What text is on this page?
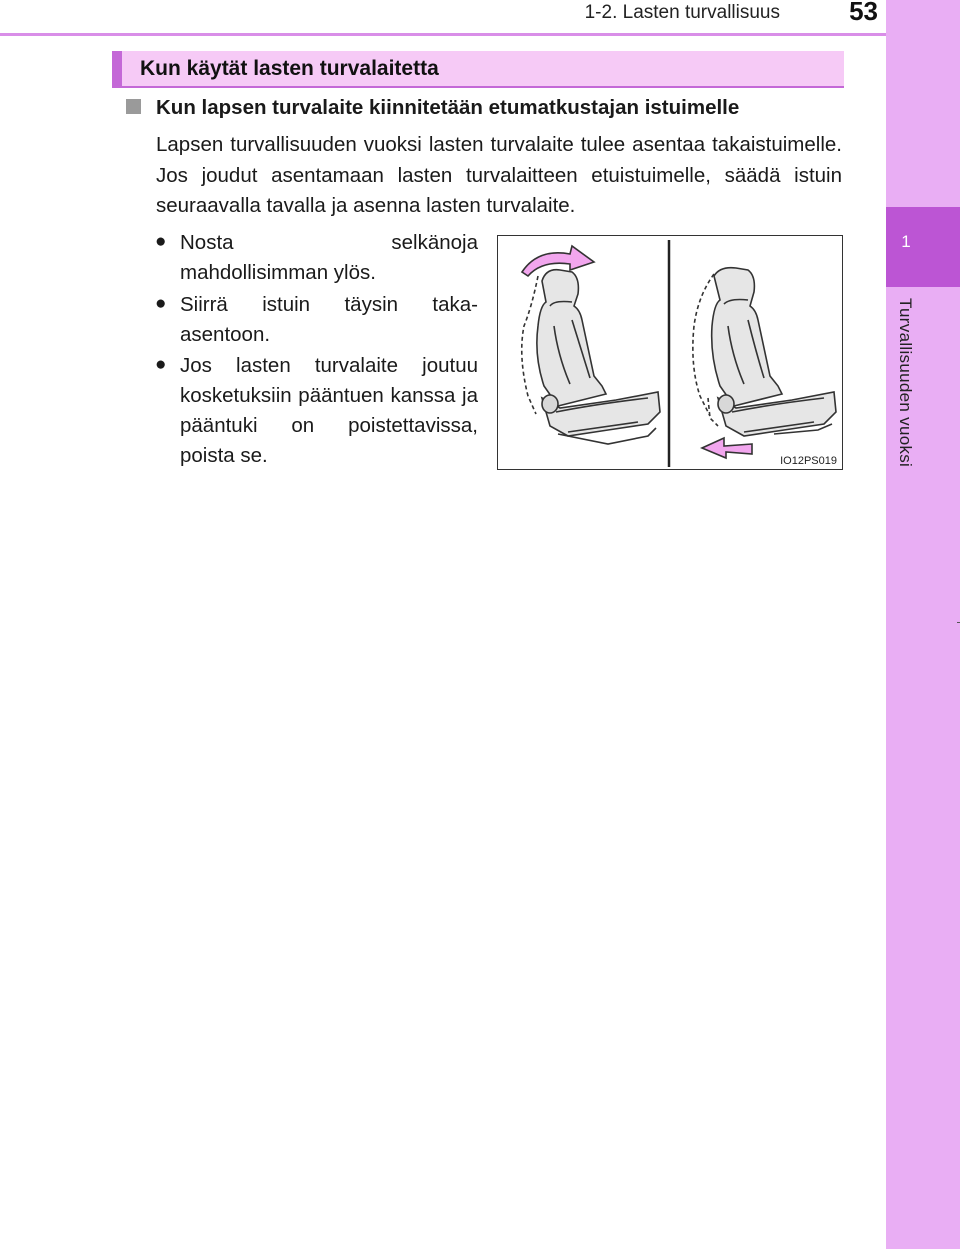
1-2. Lasten turvallisuus	53
1
Turvallisuuden vuoksi
Kun käytät lasten turvalaitetta
Kun lapsen turvalaite kiinnitetään etumatkustajan istuimelle
Lapsen turvallisuuden vuoksi lasten turvalaite tulee asentaa takaistuimelle. Jos joudut asentamaan lasten turvalaitteen etuistuimelle, säädä istuin seuraavalla tavalla ja asenna lasten turvalaite.
● Nosta selkänoja mahdollisimman ylös.
● Siirrä istuin täysin taka-asentoon.
● Jos lasten turvalaite joutuu kosketuksiin pääntuen kanssa ja pääntuki on poistettavissa, poista se.	IO12PS019
